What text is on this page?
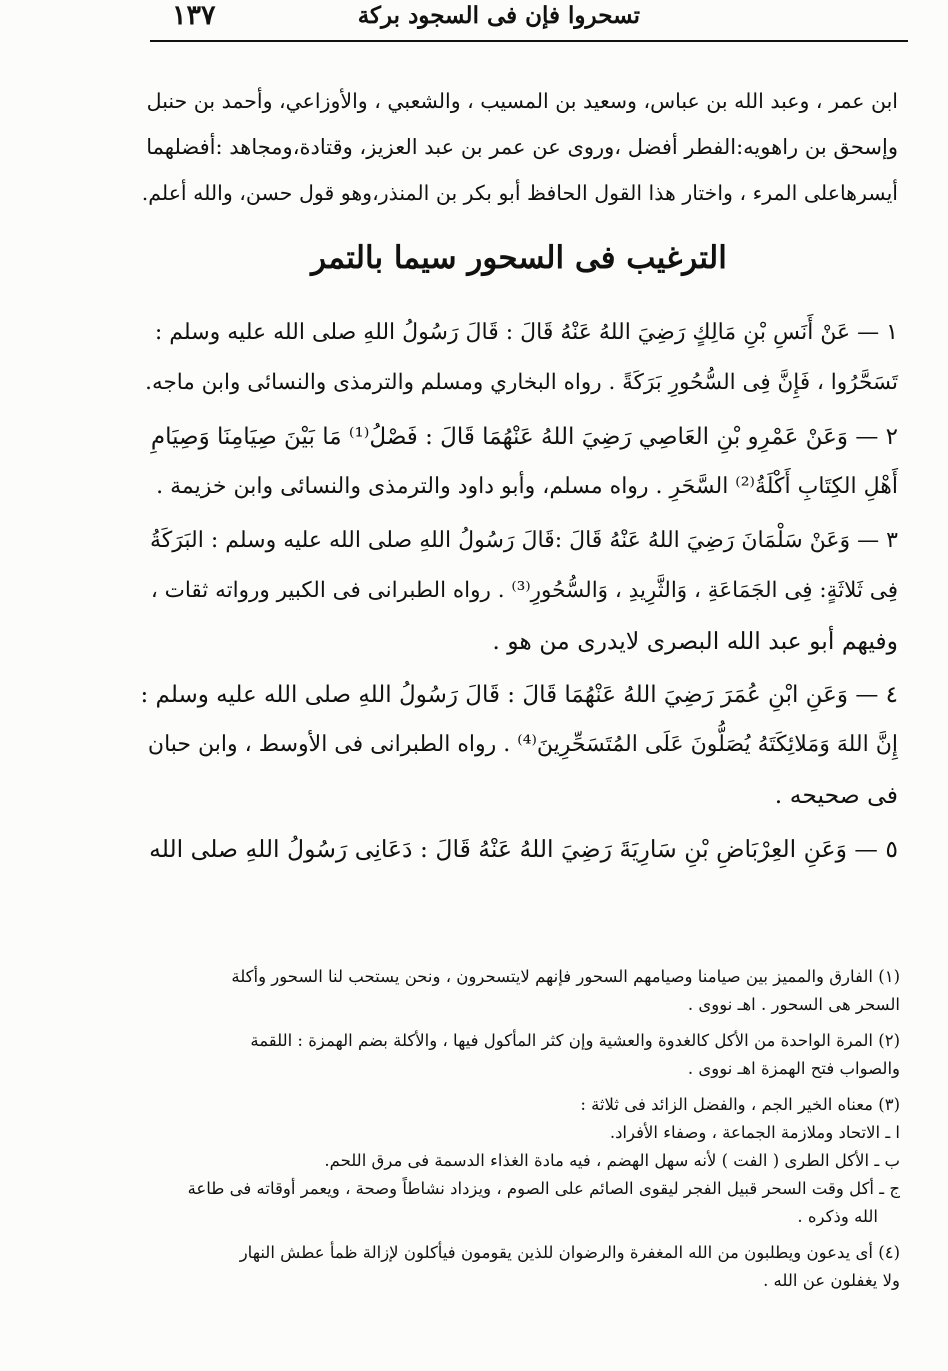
تسحروا فإن فى السجود بركة
١٣٧
ابن عمر ، وعبد الله بن عباس، وسعيد بن المسيب ، والشعبي ، والأوزاعي، وأحمد بن حنبل
وإسحق بن راهويه:الفطر أفضل ،وروى عن عمر بن عبد العزيز، وقتادة،ومجاهد :أفضلهما
أيسرهاعلى المرء ، واختار هذا القول الحافظ أبو بكر بن المنذر،وهو قول حسن، والله أعلم.
الترغيب فى السحور سيما بالتمر
١ — عَنْ أَنَسِ بْنِ مَالِكٍ رَضِيَ اللهُ عَنْهُ قَالَ : قَالَ رَسُولُ اللهِ صلى الله عليه وسلم :
تَسَحَّرُوا ، فَإِنَّ فِى السُّحُورِ بَرَكَةً . رواه البخاري ومسلم والترمذى والنسائى وابن ماجه.
٢ — وَعَنْ عَمْرِو بْنِ العَاصِي رَضِيَ اللهُ عَنْهُمَا قَالَ : فَصْلُ⁽¹⁾ مَا بَيْنَ صِيَامِنَا وَصِيَامِ
أَهْلِ الكِتَابِ أَكْلَةُ⁽²⁾ السَّحَرِ . رواه مسلم، وأبو داود والترمذى والنسائى وابن خزيمة .
٣ — وَعَنْ سَلْمَانَ رَضِيَ اللهُ عَنْهُ قَالَ :قَالَ رَسُولُ اللهِ صلى الله عليه وسلم : البَرَكَةُ
فِى ثَلاثَةٍ: فِى الجَمَاعَةِ ، وَالثَّرِيدِ ، وَالسُّحُورِ⁽³⁾ . رواه الطبرانى فى الكبير ورواته ثقات ،
وفيهم أبو عبد الله البصرى لايدرى من هو .
٤ — وَعَنِ ابْنِ عُمَرَ رَضِيَ اللهُ عَنْهُمَا قَالَ : قَالَ رَسُولُ اللهِ صلى الله عليه وسلم :
إِنَّ اللهَ وَمَلائِكَتَهُ يُصَلُّونَ عَلَى المُتَسَحِّرِينَ⁽⁴⁾ . رواه الطبرانى فى الأوسط ، وابن حبان
فى صحيحه .
٥ — وَعَنِ العِرْبَاضِ بْنِ سَارِيَةَ رَضِيَ اللهُ عَنْهُ قَالَ : دَعَانِى رَسُولُ اللهِ صلى الله
(١) الفارق والمميز بين صيامنا وصيامهم السحور فإنهم لايتسحرون ، ونحن يستحب لنا السحور وأكلة
السحر هى السحور . اهـ نووى .
(٢) المرة الواحدة من الأكل كالغدوة والعشية وإن كثر المأكول فيها ، والأكلة بضم الهمزة : اللقمة
والصواب فتح الهمزة اهـ نووى .
(٣) معناه الخير الجم ، والفضل الزائد فى ثلاثة :
ا ـ الاتحاد وملازمة الجماعة ، وصفاء الأفراد.
ب ـ الأكل الطرى ( الفت ) لأنه سهل الهضم ، فيه مادة الغذاء الدسمة فى مرق اللحم.
ج ـ أكل وقت السحر قبيل الفجر ليقوى الصائم على الصوم ، ويزداد نشاطاً وصحة ، ويعمر أوقاته فى طاعة
الله وذكره .
(٤) أى يدعون ويطلبون من الله المغفرة والرضوان للذين يقومون فيأكلون لإزالة ظمأ عطش النهار
ولا يغفلون عن الله .
